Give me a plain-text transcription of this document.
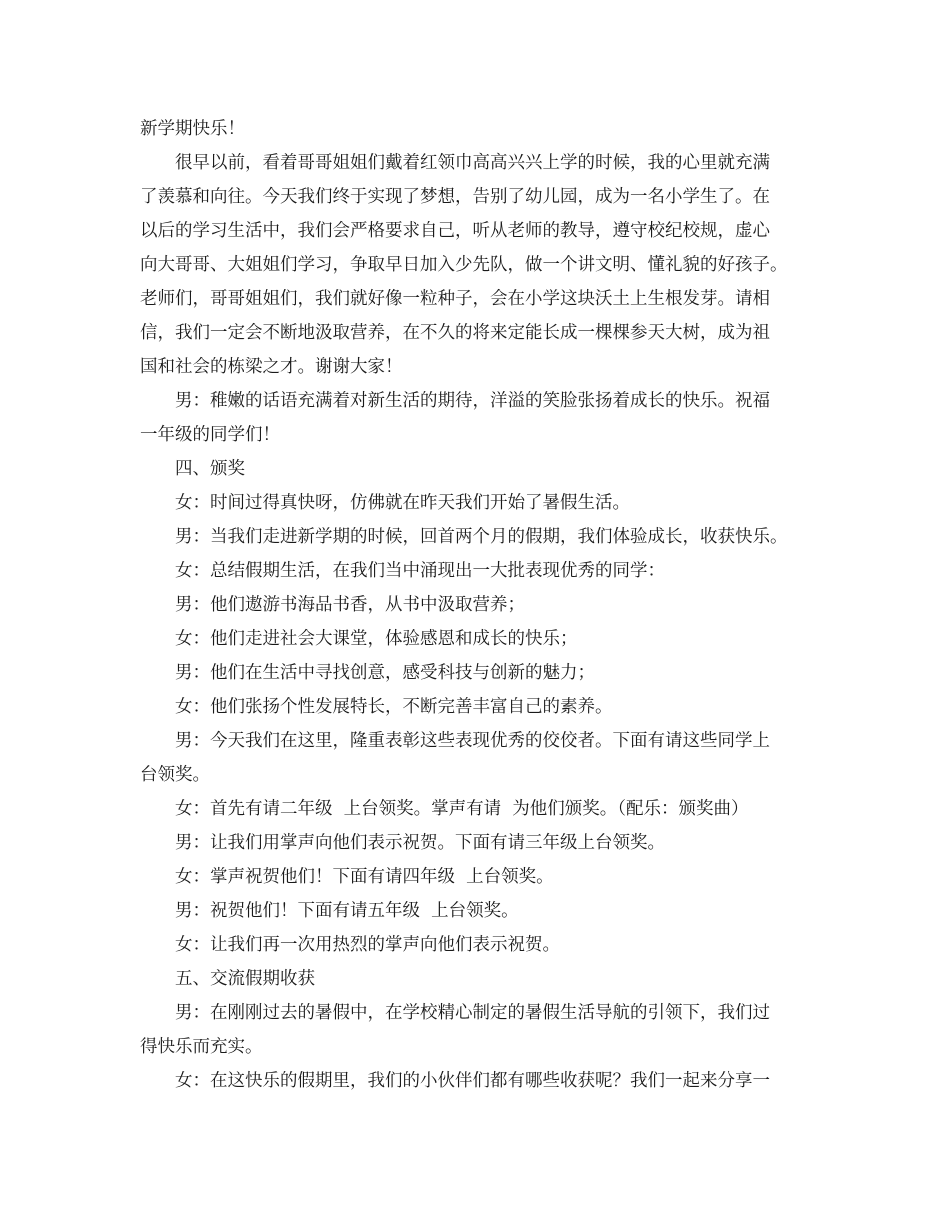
新学期快乐！
很早以前，看着哥哥姐姐们戴着红领巾高高兴兴上学的时候，我的心里就充满
了羡慕和向往。今天我们终于实现了梦想，告别了幼儿园，成为一名小学生了。在
以后的学习生活中，我们会严格要求自己，听从老师的教导，遵守校纪校规，虚心
向大哥哥、大姐姐们学习，争取早日加入少先队，做一个讲文明、懂礼貌的好孩子。
老师们，哥哥姐姐们，我们就好像一粒种子，会在小学这块沃土上生根发芽。请相
信，我们一定会不断地汲取营养，在不久的将来定能长成一棵棵参天大树，成为祖
国和社会的栋梁之才。谢谢大家！
男：稚嫩的话语充满着对新生活的期待，洋溢的笑脸张扬着成长的快乐。祝福
一年级的同学们！
四、颁奖
女：时间过得真快呀，仿佛就在昨天我们开始了暑假生活。
男：当我们走进新学期的时候，回首两个月的假期，我们体验成长，收获快乐。
女：总结假期生活，在我们当中涌现出一大批表现优秀的同学：
男：他们遨游书海品书香，从书中汲取营养；
女：他们走进社会大课堂，体验感恩和成长的快乐；
男：他们在生活中寻找创意，感受科技与创新的魅力；
女：他们张扬个性发展特长，不断完善丰富自己的素养。
男：今天我们在这里，隆重表彰这些表现优秀的佼佼者。下面有请这些同学上
台领奖。
女：首先有请二年级  上台领奖。掌声有请  为他们颁奖。（配乐：颁奖曲）
男：让我们用掌声向他们表示祝贺。下面有请三年级上台领奖。
女：掌声祝贺他们！下面有请四年级  上台领奖。
男：祝贺他们！下面有请五年级  上台领奖。
女：让我们再一次用热烈的掌声向他们表示祝贺。
五、交流假期收获
男：在刚刚过去的暑假中，在学校精心制定的暑假生活导航的引领下，我们过
得快乐而充实。
女：在这快乐的假期里，我们的小伙伴们都有哪些收获呢？我们一起来分享一
